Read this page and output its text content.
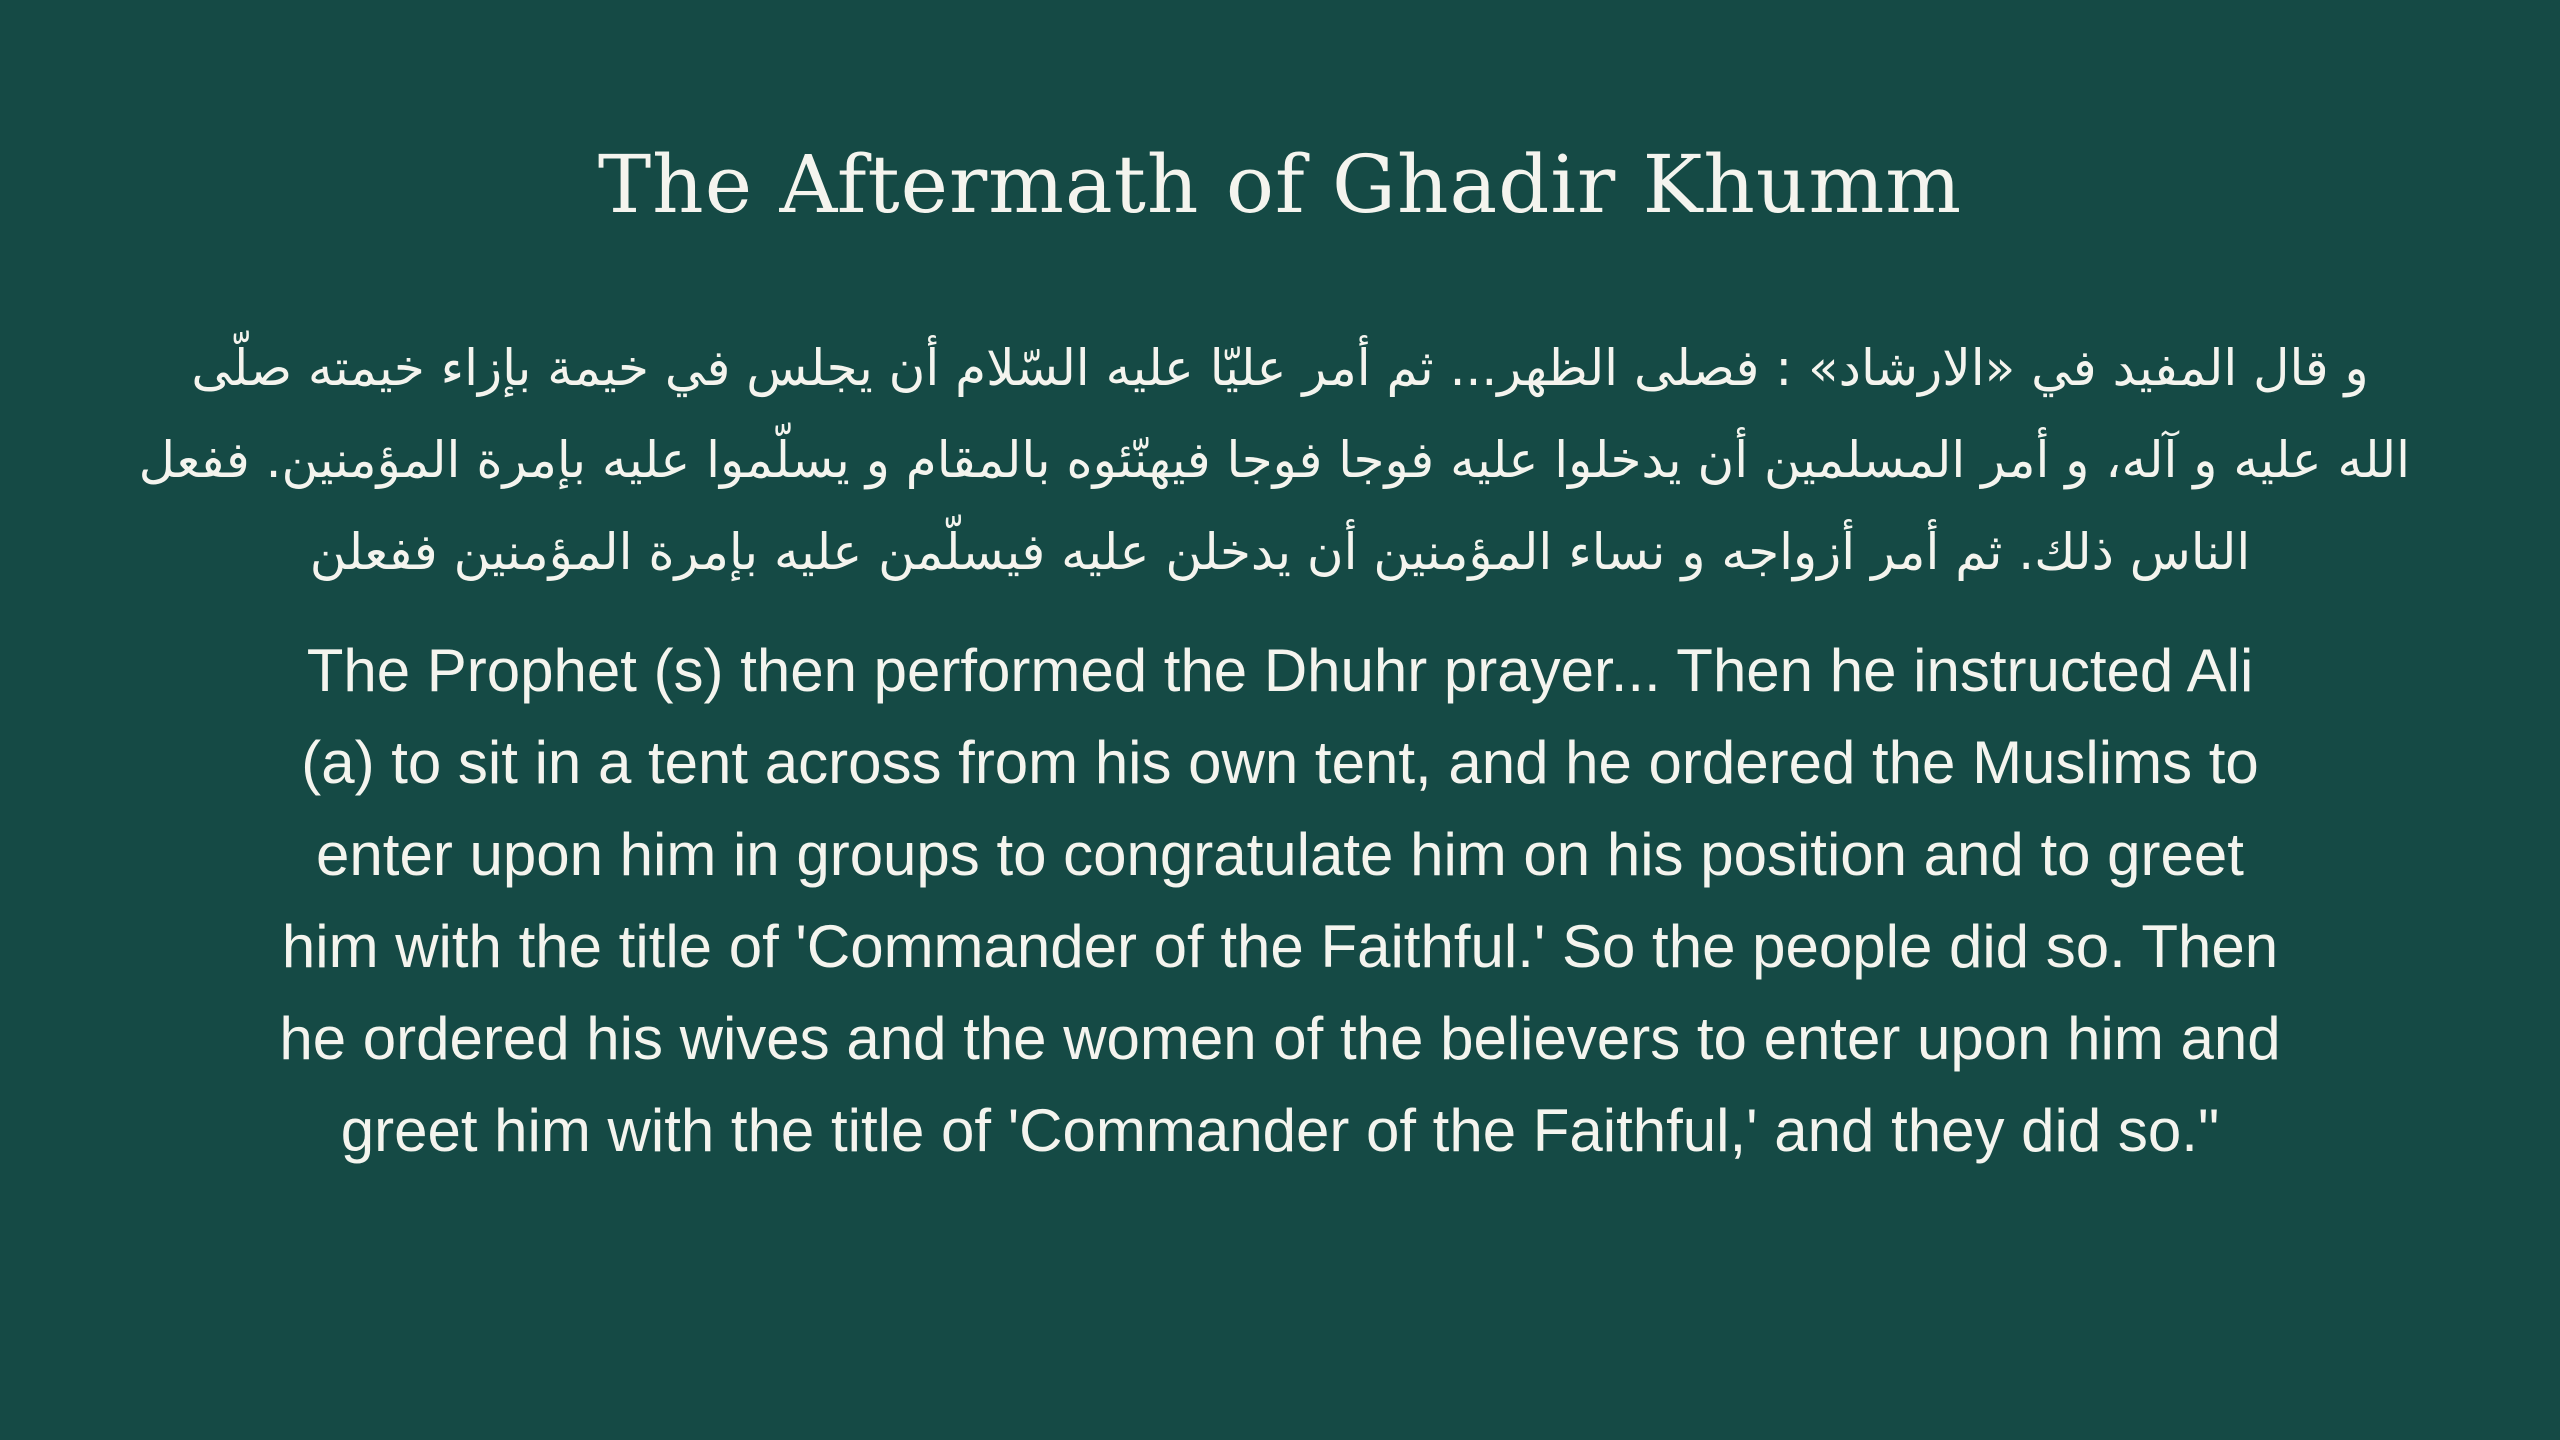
The Aftermath of Ghadir Khumm
و قال المفيد في «الارشاد» : فصلى الظهر... ثم أمر عليّا عليه السّلام أن يجلس في خيمة بإزاء خيمته صلّى
الله عليه و آله، و أمر المسلمين أن يدخلوا عليه فوجا فوجا فيهنّئوه بالمقام و يسلّموا عليه بإمرة المؤمنين. ففعل
الناس ذلك. ثم أمر أزواجه و نساء المؤمنين أن يدخلن عليه فيسلّمن عليه بإمرة المؤمنين ففعلن
The Prophet (s) then performed the Dhuhr prayer... Then he instructed Ali
(a) to sit in a tent across from his own tent, and he ordered the Muslims to
enter upon him in groups to congratulate him on his position and to greet
him with the title of 'Commander of the Faithful.' So the people did so. Then
he ordered his wives and the women of the believers to enter upon him and
greet him with the title of 'Commander of the Faithful,' and they did so."
